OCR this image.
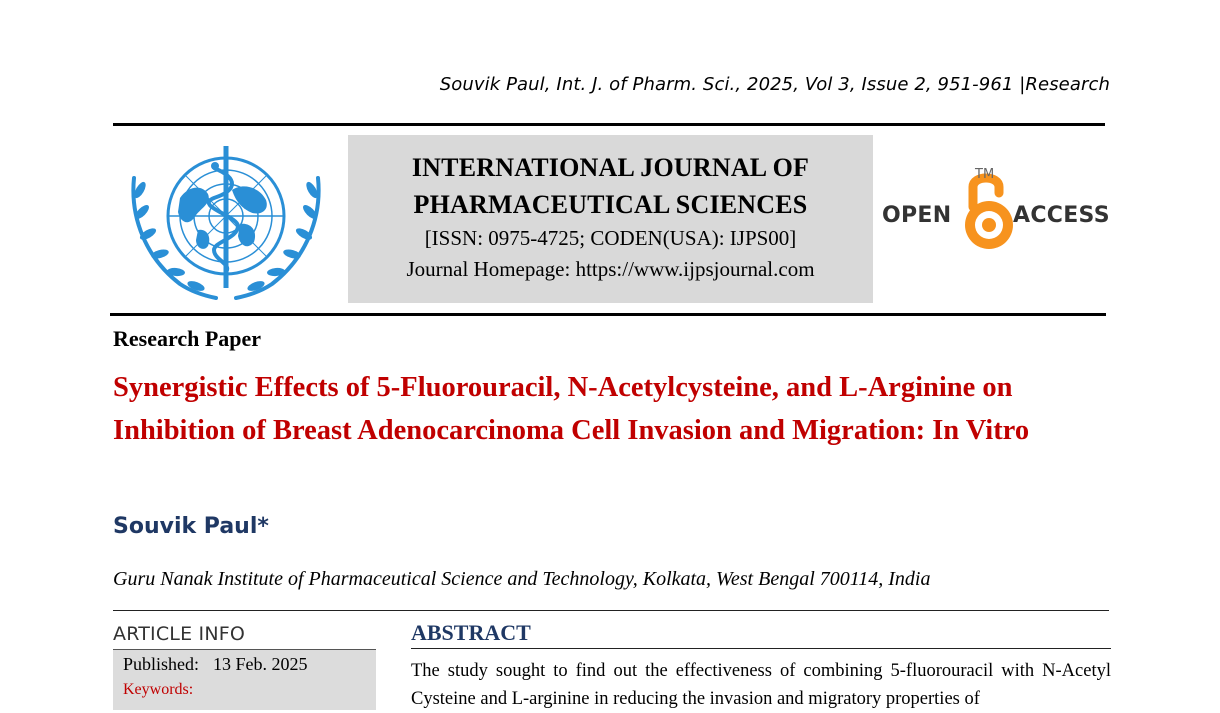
Souvik Paul, Int. J. of Pharm. Sci., 2025, Vol 3, Issue 2, 951-961 |Research
INTERNATIONAL JOURNAL OF
PHARMACEUTICAL SCIENCES
[ISSN: 0975-4725; CODEN(USA): IJPS00]
Journal Homepage: https://www.ijpsjournal.com
OPEN
TM
ACCESS
Research Paper
Synergistic Effects of 5-Fluorouracil, N-Acetylcysteine, and L-Arginine on Inhibition of Breast Adenocarcinoma Cell Invasion and Migration: In Vitro
Souvik Paul*
Guru Nanak Institute of Pharmaceutical Science and Technology, Kolkata, West Bengal 700114, India
ARTICLE INFO
Published: 13 Feb. 2025
Keywords:
ABSTRACT
The study sought to find out the effectiveness of combining 5-fluorouracil with N-Acetyl Cysteine and L-arginine in reducing the invasion and migratory properties of
